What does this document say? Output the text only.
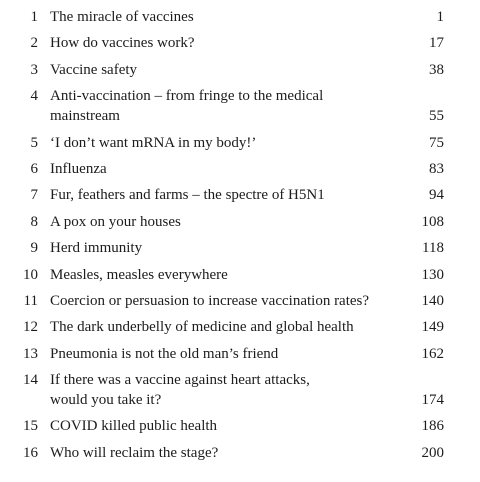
1 The miracle of vaccines	1
2 How do vaccines work?	17
3 Vaccine safety	38
4 Anti-vaccination – from fringe to the medical
mainstream	55
5 ‘I don’t want mRNA in my body!’	75
6 Influenza	83
7 Fur, feathers and farms – the spectre of H5N1	94
8 A pox on your houses	108
9 Herd immunity	118
10 Measles, measles everywhere	130
11 Coercion or persuasion to increase vaccination rates?	140
12 The dark underbelly of medicine and global health	149
13 Pneumonia is not the old man’s friend	162
14 If there was a vaccine against heart attacks,
would you take it?	174
15 COVID killed public health	186
16 Who will reclaim the stage?	200
